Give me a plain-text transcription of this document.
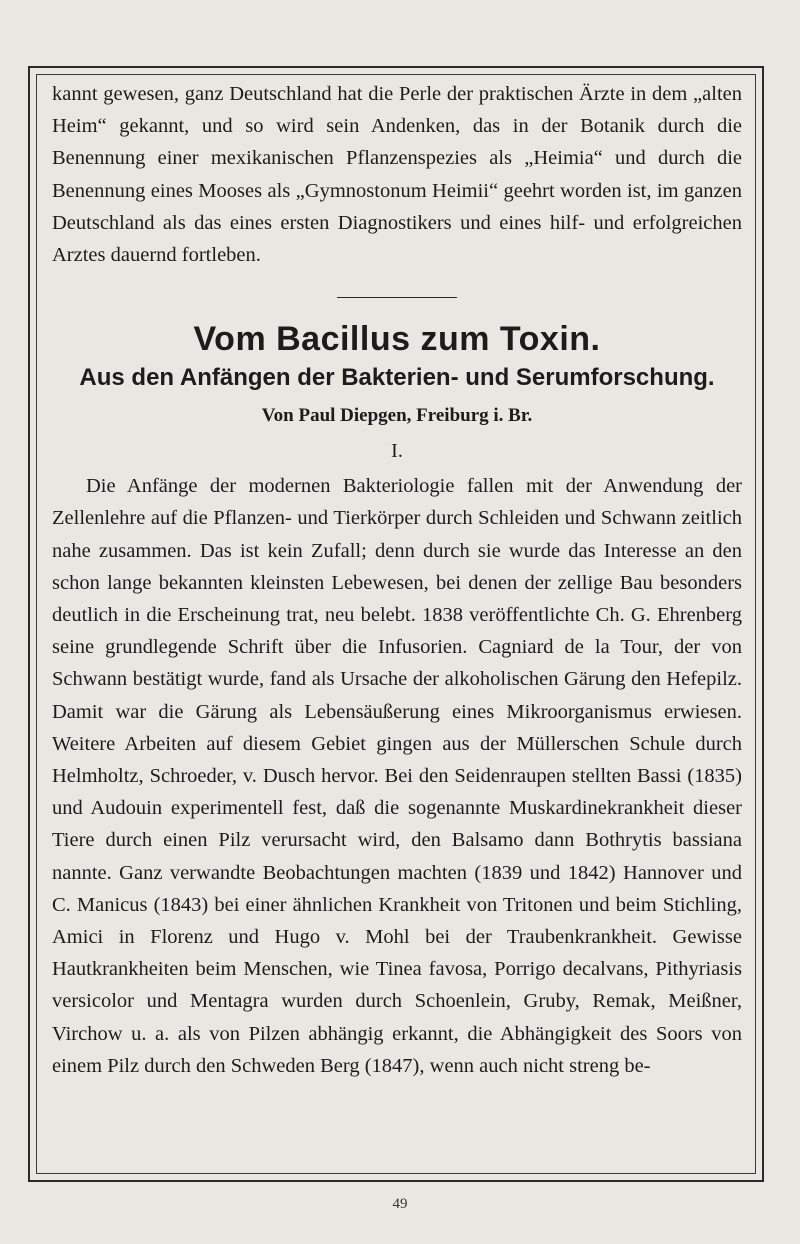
kannt gewesen, ganz Deutschland hat die Perle der praktischen Ärzte in dem „alten Heim“ gekannt, und so wird sein Andenken, das in der Botanik durch die Benennung einer mexikanischen Pflanzenspezies als „Heimia“ und durch die Benennung eines Mooses als „Gymnostonum Heimii“ geehrt worden ist, im ganzen Deutschland als das eines ersten Diagnostikers und eines hilf- und erfolgreichen Arztes dauernd fortleben.

Vom Bacillus zum Toxin.
Aus den Anfängen der Bakterien- und Serumforschung.
Von Paul Diepgen, Freiburg i. Br.
I.

Die Anfänge der modernen Bakteriologie fallen mit der Anwendung der Zellenlehre auf die Pflanzen- und Tierkörper durch Schleiden und Schwann zeitlich nahe zusammen. Das ist kein Zufall; denn durch sie wurde das Interesse an den schon lange bekannten kleinsten Lebewesen, bei denen der zellige Bau besonders deutlich in die Erscheinung trat, neu belebt. 1838 veröffentlichte Ch. G. Ehrenberg seine grundlegende Schrift über die Infusorien. Cagniard de la Tour, der von Schwann bestätigt wurde, fand als Ursache der alkoholischen Gärung den Hefepilz. Damit war die Gärung als Lebensäußerung eines Mikroorganismus erwiesen. Weitere Arbeiten auf diesem Gebiet gingen aus der Müllerschen Schule durch Helmholtz, Schroeder, v. Dusch hervor. Bei den Seidenraupen stellten Bassi (1835) und Audouin experimentell fest, daß die sogenannte Muskardinekrankheit dieser Tiere durch einen Pilz verursacht wird, den Balsamo dann Bothrytis bassiana nannte. Ganz verwandte Beobachtungen machten (1839 und 1842) Hannover und C. Manicus (1843) bei einer ähnlichen Krankheit von Tritonen und beim Stichling, Amici in Florenz und Hugo v. Mohl bei der Traubenkrankheit. Gewisse Hautkrankheiten beim Menschen, wie Tinea favosa, Porrigo decalvans, Pithyriasis versicolor und Mentagra wurden durch Schoenlein, Gruby, Remak, Meißner, Virchow u. a. als von Pilzen abhängig erkannt, die Abhängigkeit des Soors von einem Pilz durch den Schweden Berg (1847), wenn auch nicht streng be-

49
